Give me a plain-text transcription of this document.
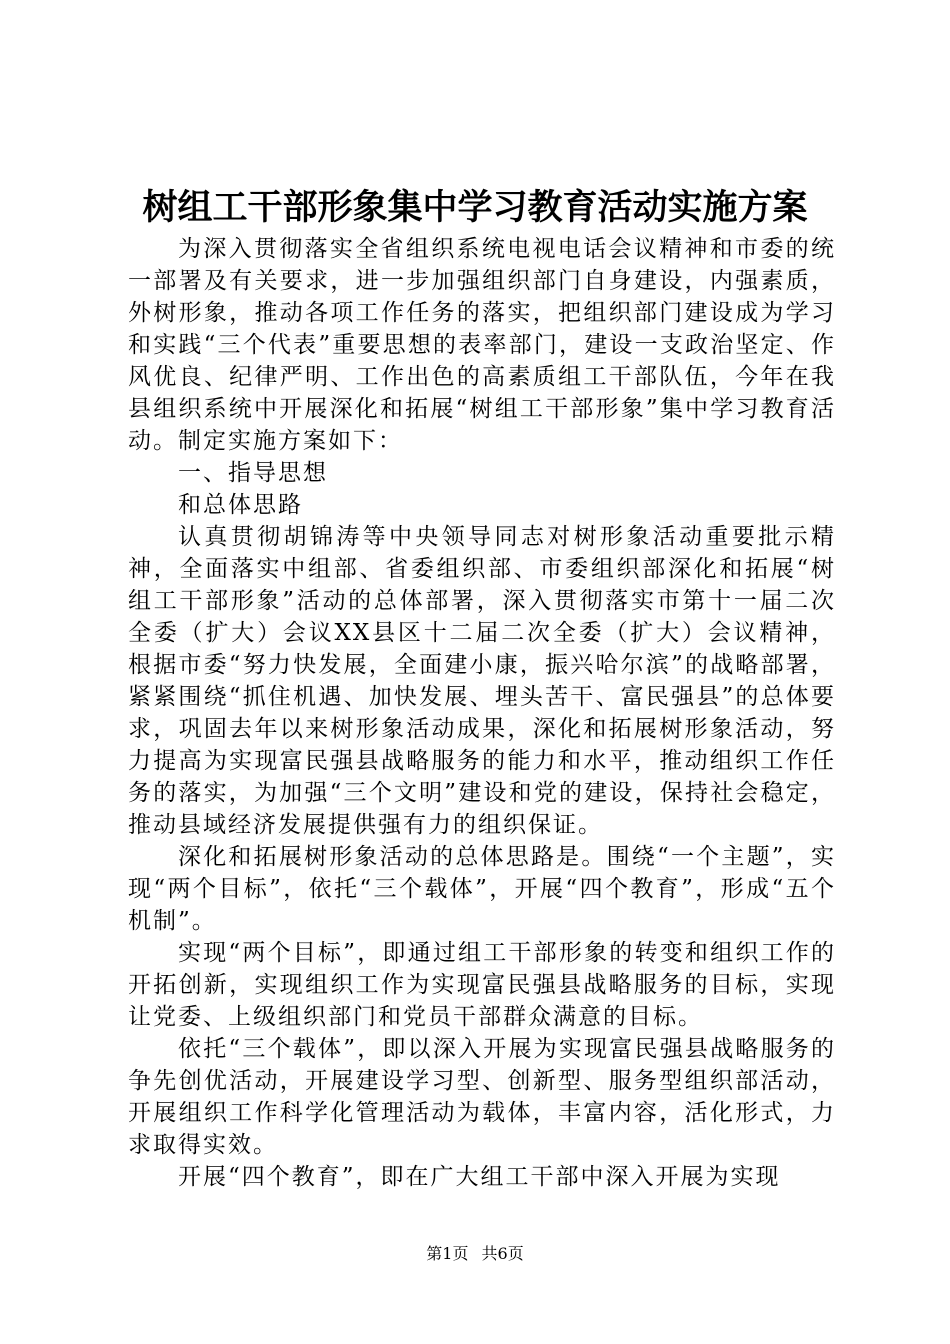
树组工干部形象集中学习教育活动实施方案

为深入贯彻落实全省组织系统电视电话会议精神和市委的统一部署及有关要求，进一步加强组织部门自身建设，内强素质，外树形象，推动各项工作任务的落实，把组织部门建设成为学习和实践“三个代表”重要思想的表率部门，建设一支政治坚定、作风优良、纪律严明、工作出色的高素质组工干部队伍，今年在我县组织系统中开展深化和拓展“树组工干部形象”集中学习教育活动。制定实施方案如下：

一、指导思想

和总体思路

认真贯彻胡锦涛等中央领导同志对树形象活动重要批示精神，全面落实中组部、省委组织部、市委组织部深化和拓展“树组工干部形象”活动的总体部署，深入贯彻落实市第十一届二次全委（扩大）会议XX县区十二届二次全委（扩大）会议精神，根据市委“努力快发展，全面建小康，振兴哈尔滨”的战略部署，紧紧围绕“抓住机遇、加快发展、埋头苦干、富民强县”的总体要求，巩固去年以来树形象活动成果，深化和拓展树形象活动，努力提高为实现富民强县战略服务的能力和水平，推动组织工作任务的落实，为加强“三个文明”建设和党的建设，保持社会稳定，推动县域经济发展提供强有力的组织保证。

深化和拓展树形象活动的总体思路是。围绕“一个主题”，实现“两个目标”，依托“三个载体”，开展“四个教育”，形成“五个机制”。

实现“两个目标”，即通过组工干部形象的转变和组织工作的开拓创新，实现组织工作为实现富民强县战略服务的目标，实现让党委、上级组织部门和党员干部群众满意的目标。

依托“三个载体”，即以深入开展为实现富民强县战略服务的争先创优活动，开展建设学习型、创新型、服务型组织部活动，开展组织工作科学化管理活动为载体，丰富内容，活化形式，力求取得实效。

开展“四个教育”，即在广大组工干部中深入开展为实现

第1页 共6页
